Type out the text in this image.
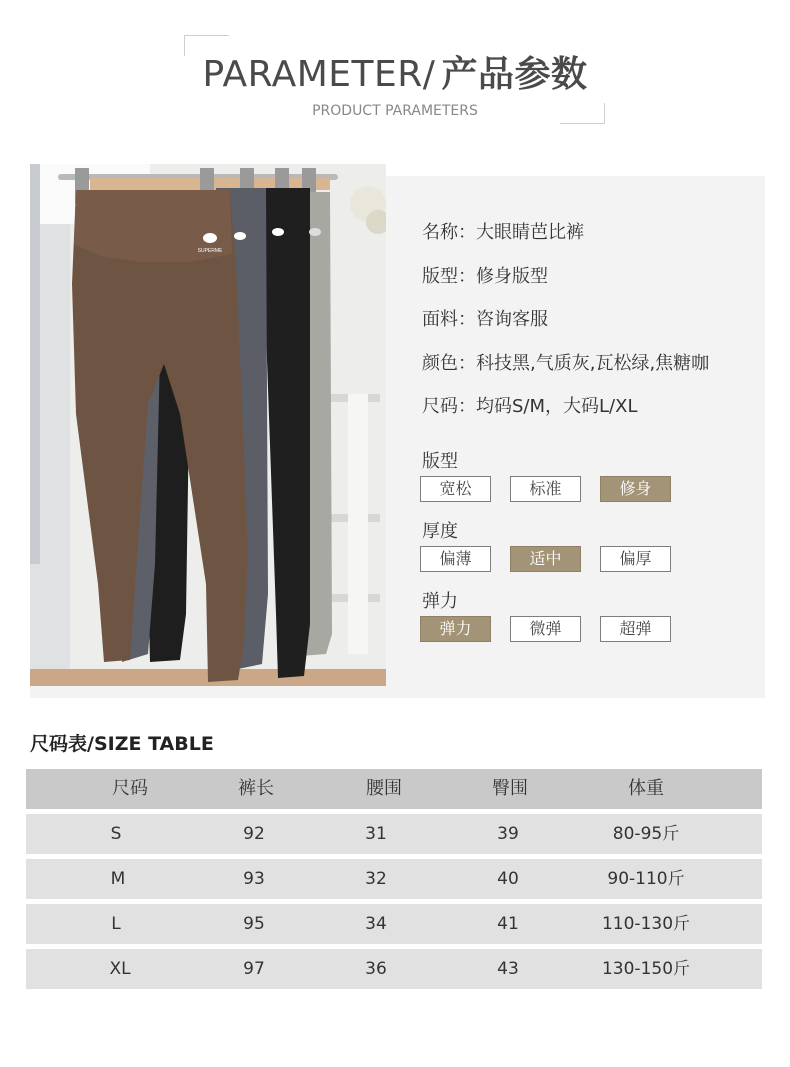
PARAMETER/ 产品参数
PRODUCT PARAMETERS
SUPERME
名称：大眼睛芭比裤
版型：修身版型
面料：咨询客服
颜色：科技黑,气质灰,瓦松绿,焦糖咖
尺码：均码S/M，大码L/XL
版型
宽松	标准	修身
厚度
偏薄	适中	偏厚
弹力
弹力	微弹	超弹
尺码表/SIZE TABLE
尺码	裤长	腰围	臀围	体重
S	92	31	39	80-95斤
M	93	32	40	90-110斤
L	95	34	41	110-130斤
XL	97	36	43	130-150斤
